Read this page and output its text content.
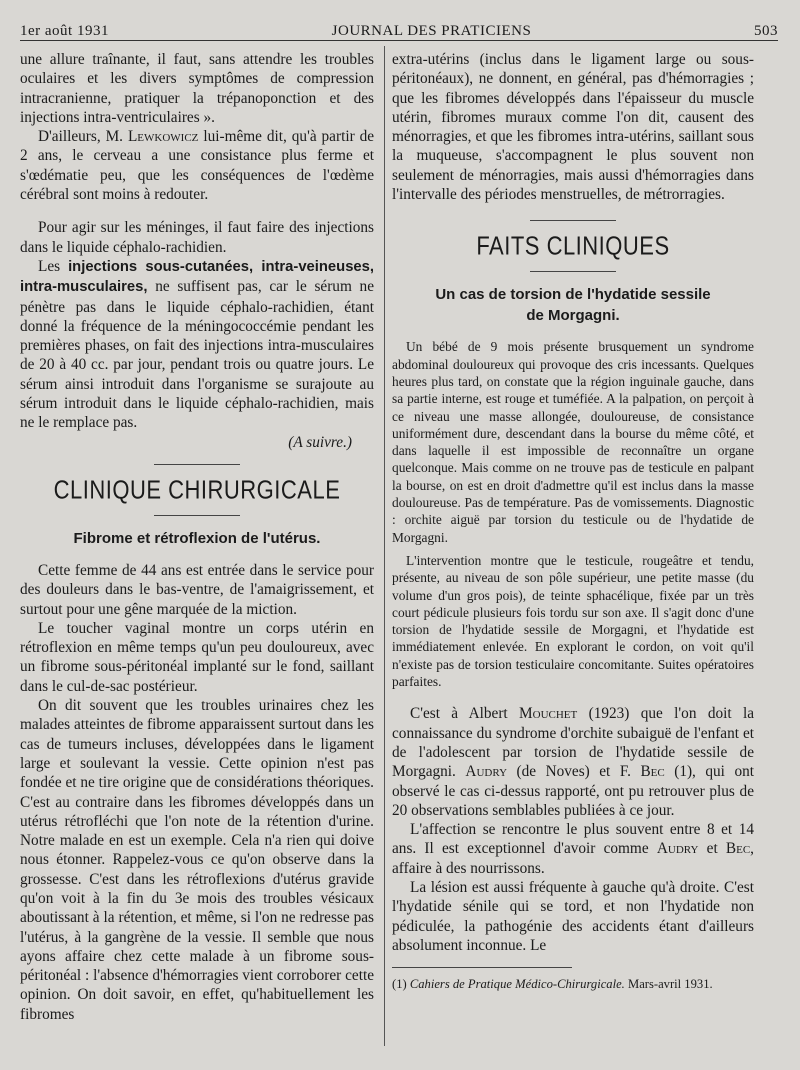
1er août 1931	JOURNAL DES PRATICIENS	503

une allure traînante, il faut, sans attendre les troubles oculaires et les divers symptômes de compression intracranienne, pratiquer la trépanoponction et des injections intra-ventriculaires ».

D'ailleurs, M. Lewkowicz lui-même dit, qu'à partir de 2 ans, le cerveau a une consistance plus ferme et s'œdématie peu, que les conséquences de l'œdème cérébral sont moins à redouter.

Pour agir sur les méninges, il faut faire des injections dans le liquide céphalo-rachidien.

Les injections sous-cutanées, intra-veineuses, intra-musculaires, ne suffisent pas, car le sérum ne pénètre pas dans le liquide céphalo-rachidien, étant donné la fréquence de la méningococcémie pendant les premières phases, on fait des injections intra-musculaires de 20 à 40 cc. par jour, pendant trois ou quatre jours. Le sérum ainsi introduit dans l'organisme se surajoute au sérum introduit dans le liquide céphalo-rachidien, mais ne le remplace pas.

(A suivre.)

CLINIQUE CHIRURGICALE
Fibrome et rétroflexion de l'utérus.

Cette femme de 44 ans est entrée dans le service pour des douleurs dans le bas-ventre, de l'amaigrissement, et surtout pour une gêne marquée de la miction.

Le toucher vaginal montre un corps utérin en rétroflexion en même temps qu'un peu douloureux, avec un fibrome sous-péritonéal implanté sur le fond, saillant dans le cul-de-sac postérieur.

On dit souvent que les troubles urinaires chez les malades atteintes de fibrome apparaissent surtout dans les cas de tumeurs incluses, développées dans le ligament large et soulevant la vessie. Cette opinion n'est pas fondée et ne tire origine que de considérations théoriques. C'est au contraire dans les fibromes développés dans un utérus rétrofléchi que l'on note de la rétention d'urine. Notre malade en est un exemple. Cela n'a rien qui doive nous étonner. Rappelez-vous ce qu'on observe dans la grossesse. C'est dans les rétroflexions d'utérus gravide qu'on voit à la fin du 3e mois des troubles vésicaux aboutissant à la rétention, et même, si l'on ne redresse pas l'utérus, à la gangrène de la vessie. Il semble que nous ayons affaire chez cette malade à un fibrome sous-péritonéal : l'absence d'hémorragies vient corroborer cette opinion. On doit savoir, en effet, qu'habituellement les fibromes

extra-utérins (inclus dans le ligament large ou sous-péritonéaux), ne donnent, en général, pas d'hémorragies ; que les fibromes développés dans l'épaisseur du muscle utérin, fibromes muraux comme l'on dit, causent des ménorragies, et que les fibromes intra-utérins, saillant sous la muqueuse, s'accompagnent le plus souvent non seulement de ménorragies, mais aussi d'hémorragies dans l'intervalle des périodes menstruelles, de métrorragies.

FAITS CLINIQUES
Un cas de torsion de l'hydatide sessile
de Morgagni.

Un bébé de 9 mois présente brusquement un syndrome abdominal douloureux qui provoque des cris incessants. Quelques heures plus tard, on constate que la région inguinale gauche, dans sa partie interne, est rouge et tuméfiée. A la palpation, on perçoit à ce niveau une masse allongée, douloureuse, de consistance uniformément dure, descendant dans la bourse du même côté, et dans laquelle il est impossible de reconnaître un organe quelconque. Mais comme on ne trouve pas de testicule en palpant la bourse, on est en droit d'admettre qu'il est inclus dans la masse douloureuse. Pas de température. Pas de vomissements. Diagnostic : orchite aiguë par torsion du testicule ou de l'hydatide de Morgagni.

L'intervention montre que le testicule, rougeâtre et tendu, présente, au niveau de son pôle supérieur, une petite masse (du volume d'un gros pois), de teinte sphacélique, fixée par un très court pédicule plusieurs fois tordu sur son axe. Il s'agit donc d'une torsion de l'hydatide sessile de Morgagni, et l'hydatide est immédiatement enlevée. En explorant le cordon, on voit qu'il n'existe pas de torsion testiculaire concomitante. Suites opératoires parfaites.

C'est à Albert Mouchet (1923) que l'on doit la connaissance du syndrome d'orchite subaiguë de l'enfant et de l'adolescent par torsion de l'hydatide sessile de Morgagni. Audry (de Noves) et F. Bec (1), qui ont observé le cas ci-dessus rapporté, ont pu retrouver plus de 20 observations semblables publiées à ce jour.

L'affection se rencontre le plus souvent entre 8 et 14 ans. Il est exceptionnel d'avoir comme Audry et Bec, affaire à des nourrissons.

La lésion est aussi fréquente à gauche qu'à droite. C'est l'hydatide sénile qui se tord, et non l'hydatide non pédiculée, la pathogénie des accidents étant d'ailleurs absolument inconnue. Le

(1) Cahiers de Pratique Médico-Chirurgicale. Mars-avril 1931.
